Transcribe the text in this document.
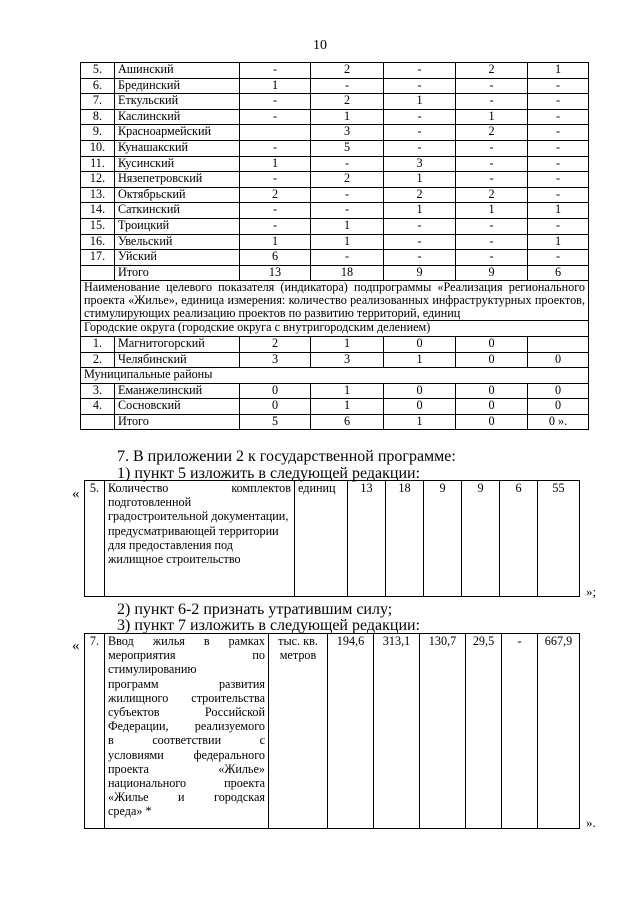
10
5.	Ашинский	-	2	-	2	1
6.	Брединский	1	-	-	-	-
7.	Еткульский	-	2	1	-	-
8.	Каслинский	-	1	-	1	-
9.	Красноармейский		3	-	2	-
10.	Кунашакский	-	5	-	-	-
11.	Кусинский	1	-	3	-	-
12.	Нязепетровский	-	2	1	-	-
13.	Октябрьский	2	-	2	2	-
14.	Саткинский	-	-	1	1	1
15.	Троицкий	-	1	-	-	-
16.	Увельский	1	1	-	-	1
17.	Уйский	6	-	-	-	-
	Итого	13	18	9	9	6
Наименование целевого показателя (индикатора) подпрограммы «Реализация регионального проекта «Жилье», единица измерения: количество реализованных инфраструктурных проектов, стимулирующих реализацию проектов по развитию территорий, единиц						
Городские округа (городские округа с внутригородским делением)						
1.	Магнитогорский	2	1	0	0	
2.	Челябинский	3	3	1	0	0
Муниципальные районы						
3.	Еманжелинский	0	1	0	0	0
4.	Сосновский	0	1	0	0	0
	Итого	5	6	1	0	0 ».
7. В приложении 2 к государственной программе:
1) пункт 5 изложить в следующей редакции:
« 5.	Количество комплектов
подготовленной градостроительной документации, предусматривающей территории для предоставления под жилищное строительство
	единиц	13	18	9	9	6	55
»;
2) пункт 6-2 признать утратившим силу;
3) пункт 7 изложить в следующей редакции:
« 7.	Ввод жилья в рамках
мероприятия по
стимулированию
программ развития
жилищного строительства
субъектов Российской
Федерации, реализуемого
в соответствии с
условиями федерального
проекта «Жилье»
национального проекта
«Жилье и городская
среда» *
	тыс. кв. метров	194,6	313,1	130,7	29,5	-	667,9
».
